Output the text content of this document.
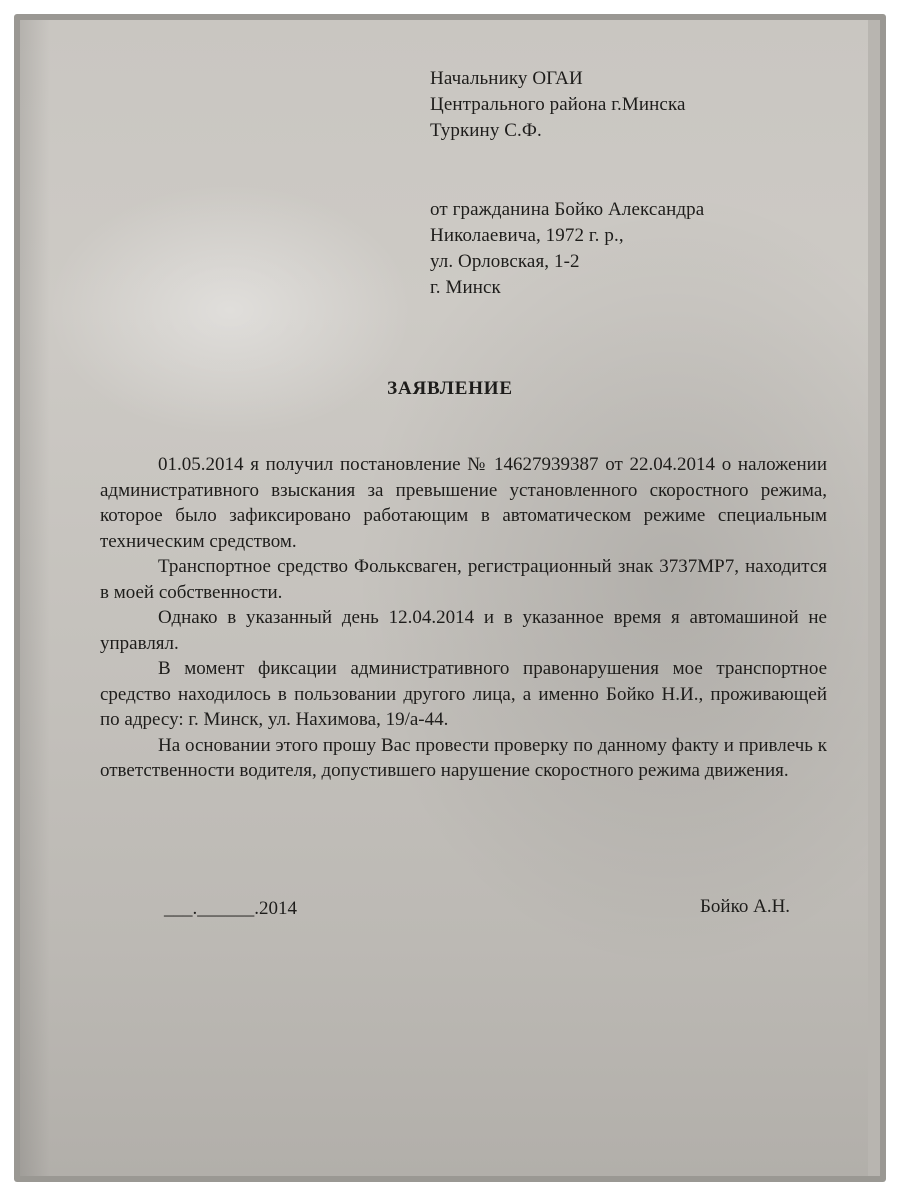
Начальнику ОГАИ
Центрального района г.Минска
Туркину С.Ф.
от гражданина Бойко Александра
Николаевича, 1972 г. р.,
ул. Орловская, 1-2
г. Минск
ЗАЯВЛЕНИЕ

01.05.2014 я получил постановление № 14627939387 от 22.04.2014 о наложении административного взыскания за превышение установленного скоростного режима, которое было зафиксировано работающим в автоматическом режиме специальным техническим средством.

Транспортное средство Фольксваген, регистрационный знак 3737МР7, находится в моей собственности.

Однако в указанный день 12.04.2014 и в указанное время я автомашиной не управлял.

В момент фиксации административного правонарушения мое транспортное средство находилось в пользовании другого лица, а именно Бойко Н.И., проживающей по адресу: г. Минск, ул. Нахимова, 19/а-44.

На основании этого прошу Вас провести проверку по данному факту и привлечь к ответственности водителя, допустившего нарушение скоростного режима движения.

___.______.2014	Бойко А.Н.
